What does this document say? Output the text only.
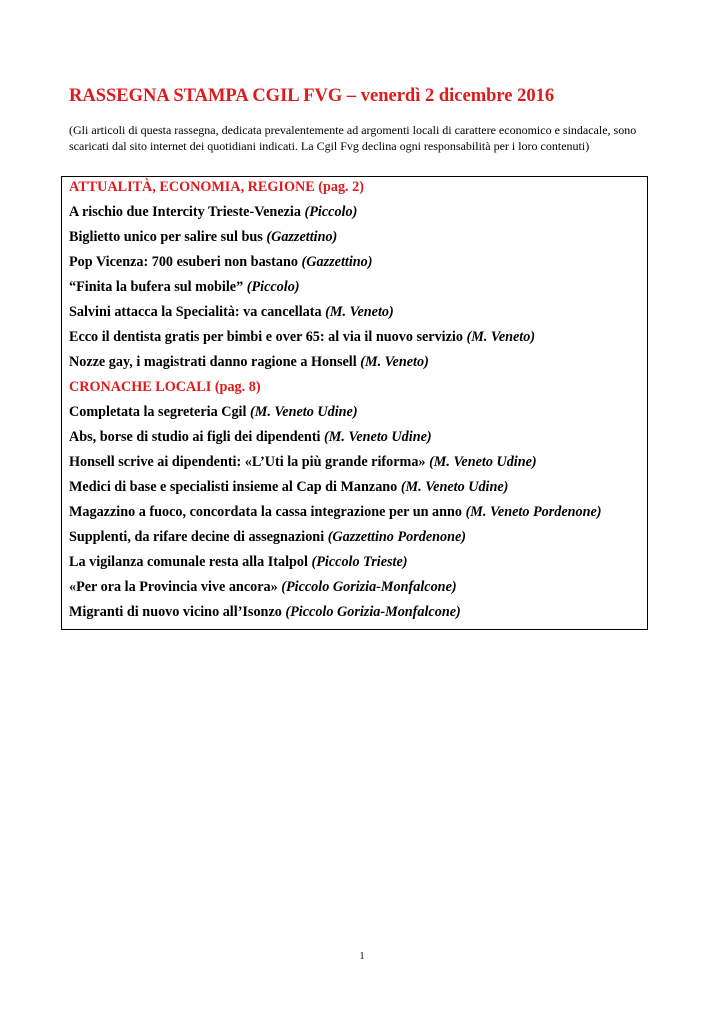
RASSEGNA STAMPA CGIL FVG – venerdì 2 dicembre 2016
(Gli articoli di questa rassegna, dedicata prevalentemente ad argomenti locali di carattere economico e sindacale, sono scaricati dal sito internet dei quotidiani indicati. La Cgil Fvg declina ogni responsabilità per i loro contenuti)
ATTUALITÀ, ECONOMIA, REGIONE (pag. 2)
A rischio due Intercity Trieste-Venezia (Piccolo)
Biglietto unico per salire sul bus (Gazzettino)
Pop Vicenza: 700 esuberi non bastano (Gazzettino)
“Finita la bufera sul mobile” (Piccolo)
Salvini attacca la Specialità: va cancellata (M. Veneto)
Ecco il dentista gratis per bimbi e over 65: al via il nuovo servizio (M. Veneto)
Nozze gay, i magistrati danno ragione a Honsell (M. Veneto)
CRONACHE LOCALI (pag. 8)
Completata la segreteria Cgil (M. Veneto Udine)
Abs, borse di studio ai figli dei dipendenti (M. Veneto Udine)
Honsell scrive ai dipendenti: «L’Uti la più grande riforma» (M. Veneto Udine)
Medici di base e specialisti insieme al Cap di Manzano (M. Veneto Udine)
Magazzino a fuoco, concordata la cassa integrazione per un anno (M. Veneto Pordenone)
Supplenti, da rifare decine di assegnazioni (Gazzettino Pordenone)
La vigilanza comunale resta alla Italpol (Piccolo Trieste)
«Per ora la Provincia vive ancora» (Piccolo Gorizia-Monfalcone)
Migranti di nuovo vicino all’Isonzo (Piccolo Gorizia-Monfalcone)
1
